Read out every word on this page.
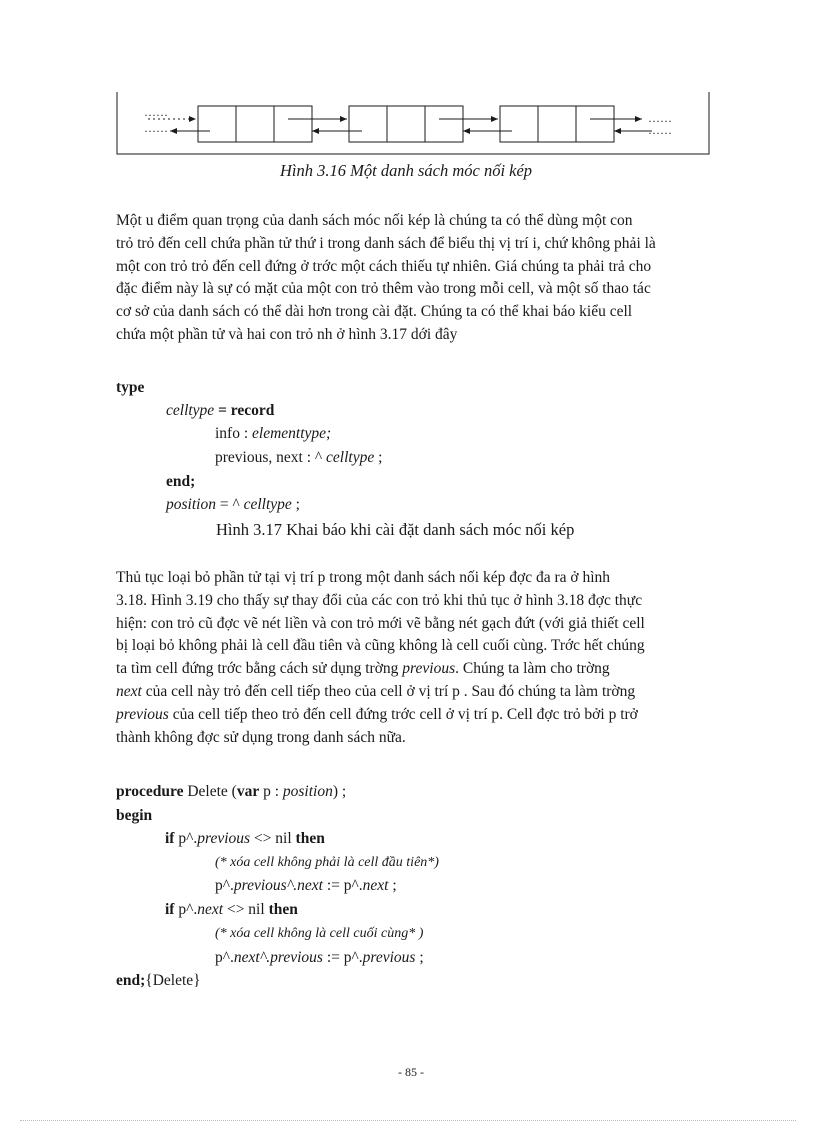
……
……
……
……
Hình 3.16 Một danh sách móc nối kép
Một u điểm quan trọng của danh sách móc nối kép là chúng ta có thể dùng một con
trỏ trỏ đến cell chứa phần tử thứ i trong danh sách để biểu thị vị trí i, chứ không phải là
một con trỏ trỏ đến cell đứng ở trớc một cách thiếu tự nhiên. Giá chúng ta phải trả cho
đặc điểm này là sự có mặt của một con trỏ thêm vào trong mỗi cell, và một số thao tác
cơ sở của danh sách có thể dài hơn trong cài đặt. Chúng ta có thể khai báo kiểu cell
chứa một phần tử và hai con trỏ nh ở hình 3.17 dới đây
type
celltype = record
info : elementtype;
previous, next : ^ celltype ;
end;
position = ^ celltype ;
Hình 3.17 Khai báo khi cài đặt danh sách móc nối kép
Thủ tục loại bỏ phần tử tại vị trí p trong một danh sách nối kép đợc đa ra ở hình
3.18. Hình 3.19 cho thấy sự thay đổi của các con trỏ khi thủ tục ở hình 3.18 đợc thực
hiện: con trỏ cũ đợc vẽ nét liền và con trỏ mới vẽ bằng nét gạch đứt (với giả thiết cell
bị loại bỏ không phải là cell đầu tiên và cũng không là cell cuối cùng. Trớc hết chúng
ta tìm cell đứng trớc bằng cách sử dụng trờng previous. Chúng ta làm cho trờng
next của cell này trỏ đến cell tiếp theo của cell ở vị trí p . Sau đó chúng ta làm trờng
previous của cell tiếp theo trỏ đến cell đứng trớc cell ở vị trí p. Cell đợc trỏ bởi p trở
thành không đợc sử dụng trong danh sách nữa.
procedure Delete (var p : position) ;
begin
if p^.previous <> nil then
(* xóa cell không phải là cell đầu tiên*)
p^.previous^.next := p^.next ;
if p^.next <> nil then
(* xóa cell không là cell cuối cùng* )
p^.next^.previous := p^.previous ;
end;{Delete}
- 85 -
